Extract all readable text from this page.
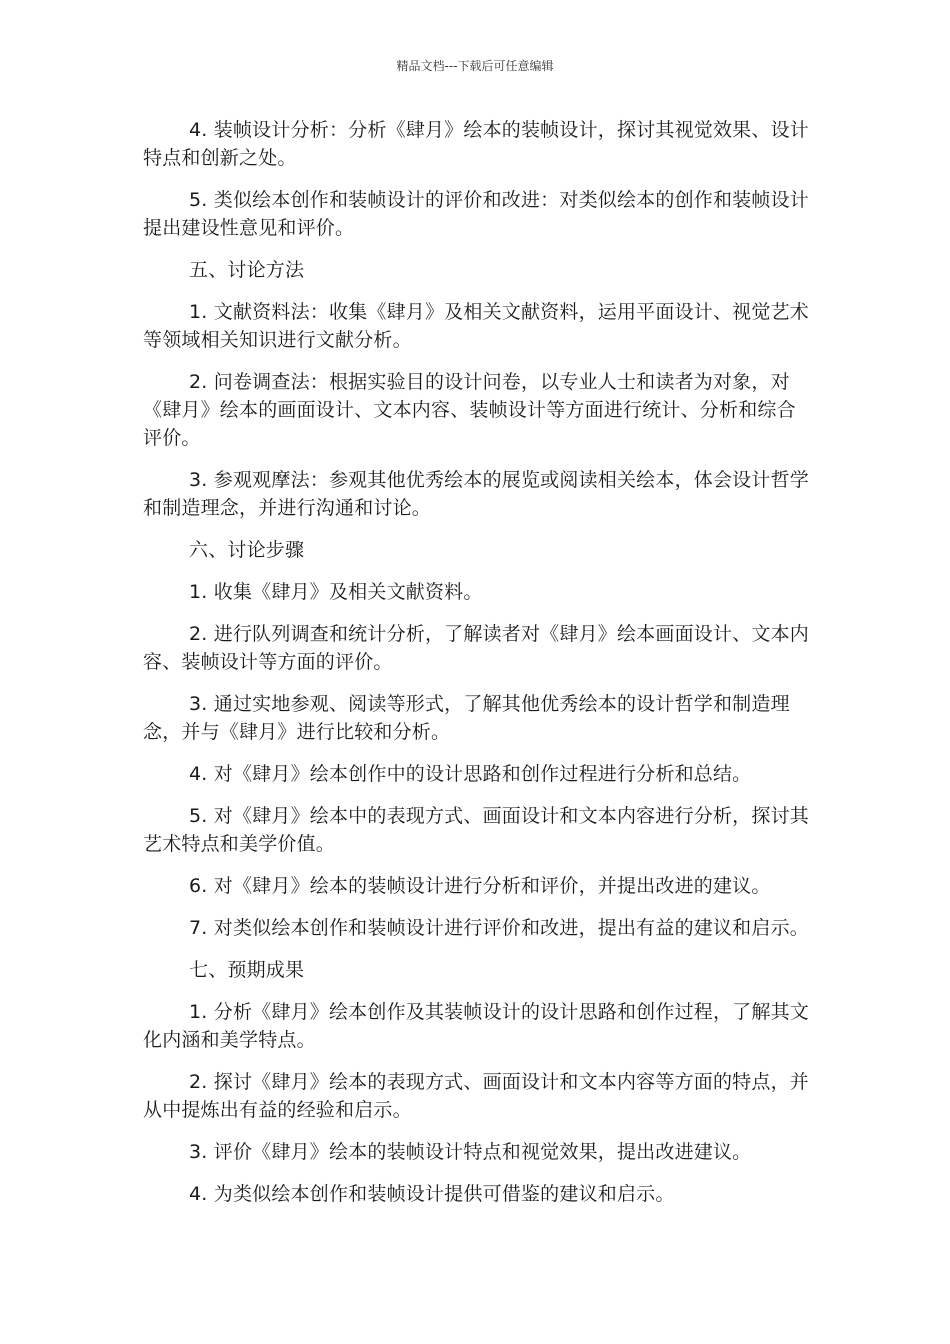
精品文档---下载后可任意编辑

4. 装帧设计分析：分析《肆月》绘本的装帧设计，探讨其视觉效果、设计特点和创新之处。

5. 类似绘本创作和装帧设计的评价和改进：对类似绘本的创作和装帧设计提出建设性意见和评价。

五、讨论方法

1. 文献资料法：收集《肆月》及相关文献资料，运用平面设计、视觉艺术等领域相关知识进行文献分析。

2. 问卷调查法：根据实验目的设计问卷，以专业人士和读者为对象，对《肆月》绘本的画面设计、文本内容、装帧设计等方面进行统计、分析和综合评价。

3. 参观观摩法：参观其他优秀绘本的展览或阅读相关绘本，体会设计哲学和制造理念，并进行沟通和讨论。

六、讨论步骤

1. 收集《肆月》及相关文献资料。

2. 进行队列调查和统计分析，了解读者对《肆月》绘本画面设计、文本内容、装帧设计等方面的评价。

3. 通过实地参观、阅读等形式，了解其他优秀绘本的设计哲学和制造理念，并与《肆月》进行比较和分析。

4. 对《肆月》绘本创作中的设计思路和创作过程进行分析和总结。

5. 对《肆月》绘本中的表现方式、画面设计和文本内容进行分析，探讨其艺术特点和美学价值。

6. 对《肆月》绘本的装帧设计进行分析和评价，并提出改进的建议。

7. 对类似绘本创作和装帧设计进行评价和改进，提出有益的建议和启示。

七、预期成果

1. 分析《肆月》绘本创作及其装帧设计的设计思路和创作过程，了解其文化内涵和美学特点。

2. 探讨《肆月》绘本的表现方式、画面设计和文本内容等方面的特点，并从中提炼出有益的经验和启示。

3. 评价《肆月》绘本的装帧设计特点和视觉效果，提出改进建议。

4. 为类似绘本创作和装帧设计提供可借鉴的建议和启示。
